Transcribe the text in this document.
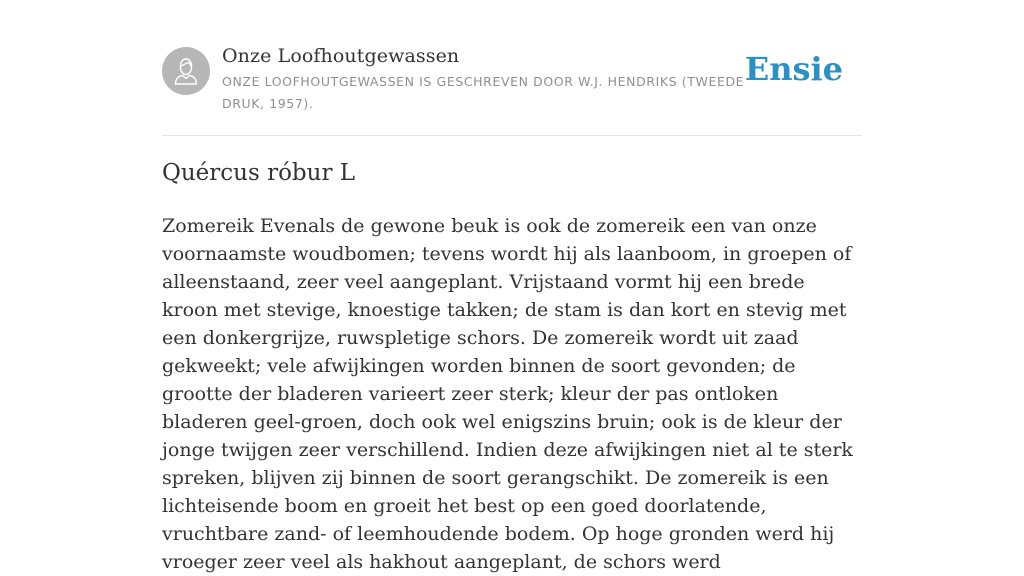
Onze Loofhoutgewassen
ONZE LOOFHOUTGEWASSEN IS GESCHREVEN DOOR W.J. HENDRIKS (TWEEDE DRUK, 1957).
Ensie
Quércus róbur L

Zomereik Evenals de gewone beuk is ook de zomereik een van onze voornaamste woudbomen; tevens wordt hij als laanboom, in groepen of alleenstaand, zeer veel aangeplant. Vrijstaand vormt hij een brede kroon met stevige, knoestige takken; de stam is dan kort en stevig met een donkergrijze, ruwspletige schors. De zomereik wordt uit zaad gekweekt; vele afwijkingen worden binnen de soort gevonden; de grootte der bladeren varieert zeer sterk; kleur der pas ontloken bladeren geel-groen, doch ook wel enigszins bruin; ook is de kleur der jonge twijgen zeer verschillend. Indien deze afwijkingen niet al te sterk spreken, blijven zij binnen de soort gerangschikt. De zomereik is een lichteisende boom en groeit het best op een goed doorlatende, vruchtbare zand- of leemhoudende bodem. Op hoge gronden werd hij vroeger zeer veel als hakhout aangeplant, de schors werd
